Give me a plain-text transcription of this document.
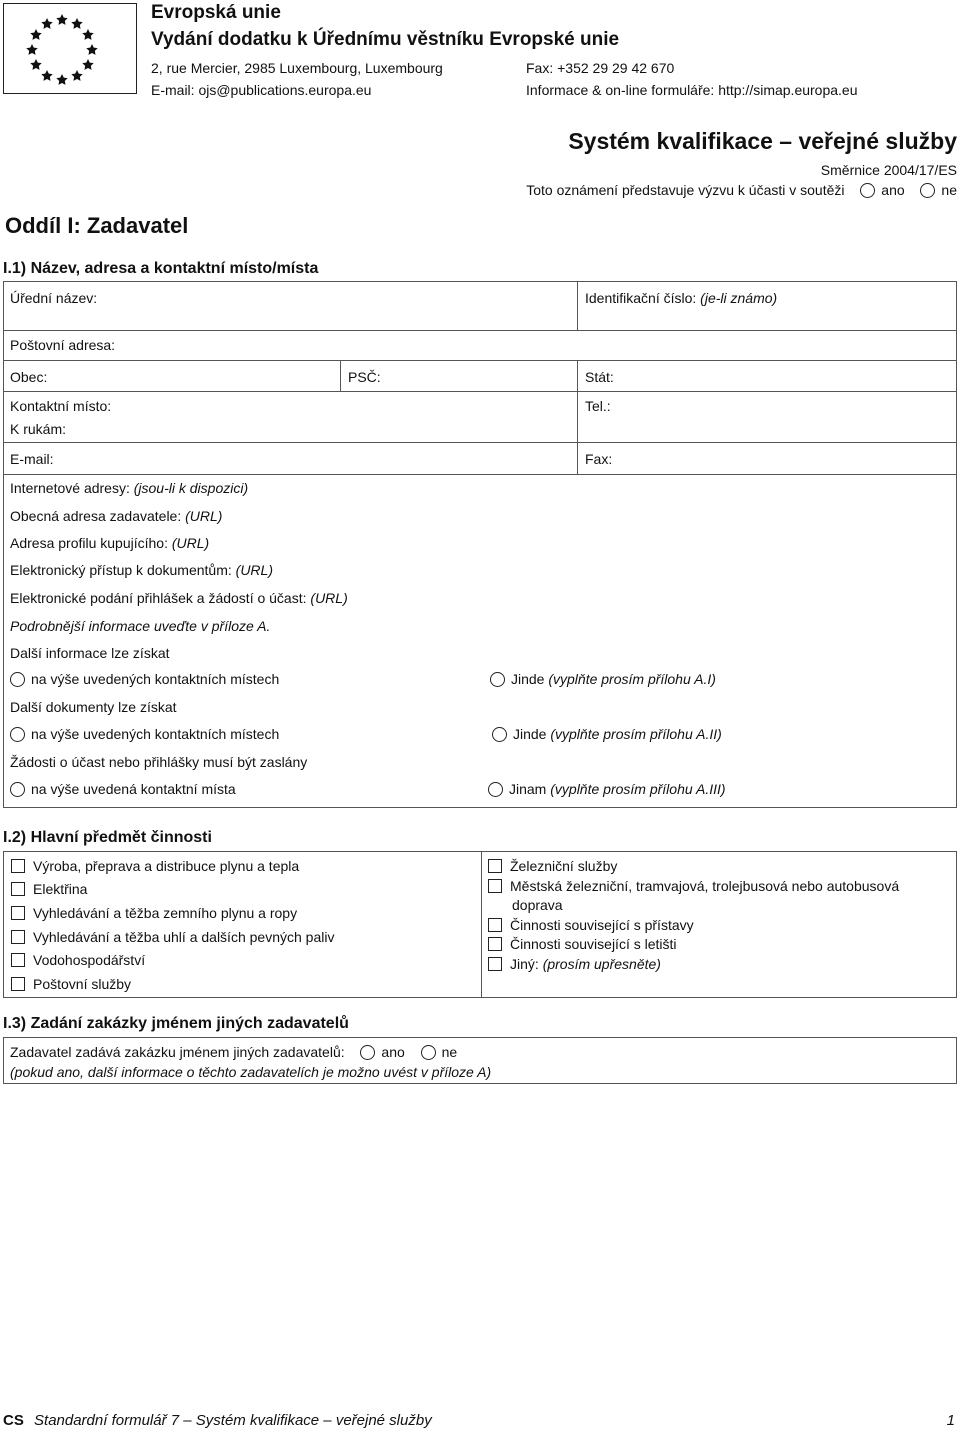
Evropská unie
Vydání dodatku k Úřednímu věstníku Evropské unie
2, rue Mercier, 2985 Luxembourg, Luxembourg
E-mail: ojs@publications.europa.eu
Fax: +352 29 29 42 670
Informace & on-line formuláře: http://simap.europa.eu
Systém kvalifikace – veřejné služby
Směrnice 2004/17/ES
Toto oznámení představuje výzvu k účasti v soutěži	ano	ne
Oddíl I: Zadavatel
I.1) Název, adresa a kontaktní místo/místa
Úřední název:	Identifikační číslo: (je-li známo)
Poštovní adresa:
Obec:	PSČ:	Stát:
Kontaktní místo:
K rukám:
Tel.:
E-mail:	Fax:
Internetové adresy: (jsou-li k dispozici)
Obecná adresa zadavatele: (URL)
Adresa profilu kupujícího: (URL)
Elektronický přístup k dokumentům: (URL)
Elektronické podání přihlášek a žádostí o účast: (URL)
Podrobnější informace uveďte v příloze A.
Další informace lze získat
na výše uvedených kontaktních místech	Jinde (vyplňte prosím přílohu A.I)
Další dokumenty lze získat
na výše uvedených kontaktních místech	Jinde (vyplňte prosím přílohu A.II)
Žádosti o účast nebo přihlášky musí být zaslány
na výše uvedená kontaktní místa	Jinam (vyplňte prosím přílohu A.III)
I.2) Hlavní předmět činnosti
Výroba, přeprava a distribuce plynu a tepla
Elektřina
Vyhledávání a těžba zemního plynu a ropy
Vyhledávání a těžba uhlí a dalších pevných paliv
Vodohospodářství
Poštovní služby
Železniční služby
Městská železniční, tramvajová, trolejbusová nebo autobusová
doprava
Činnosti související s přístavy
Činnosti související s letišti
Jiný: (prosím upřesněte)
I.3) Zadání zakázky jménem jiných zadavatelů
Zadavatel zadává zakázku jménem jiných zadavatelů:	ano	ne
(pokud ano, další informace o těchto zadavatelích je možno uvést v příloze A)
CS Standardní formulář 7 – Systém kvalifikace – veřejné služby	1
